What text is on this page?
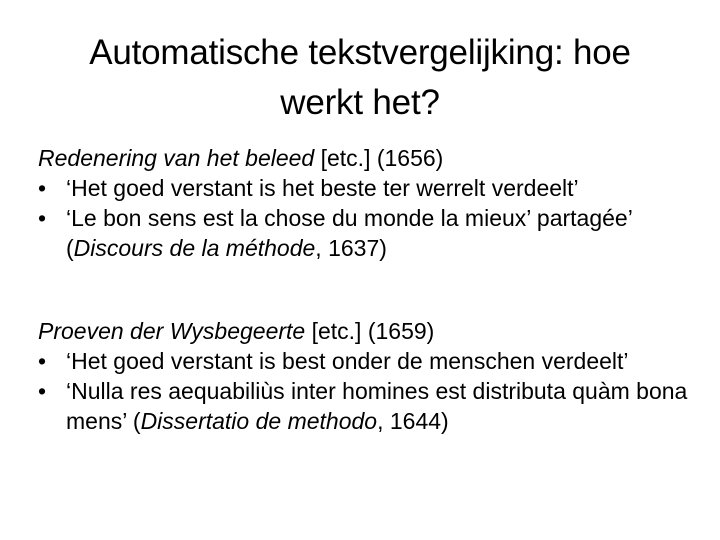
Automatische tekstvergelijking: hoe
werkt het?

Redenering van het beleed [etc.] (1656)

• ‘Het goed verstant is het beste ter werrelt verdeelt’
• ‘Le bon sens est la chose du monde la mieux’ partagée’ (Discours de la méthode, 1637)

Proeven der Wysbegeerte [etc.] (1659)

• ‘Het goed verstant is best onder de menschen verdeelt’
• ‘Nulla res aequabiliùs inter homines est distributa quàm bona mens’ (Dissertatio de methodo, 1644)
